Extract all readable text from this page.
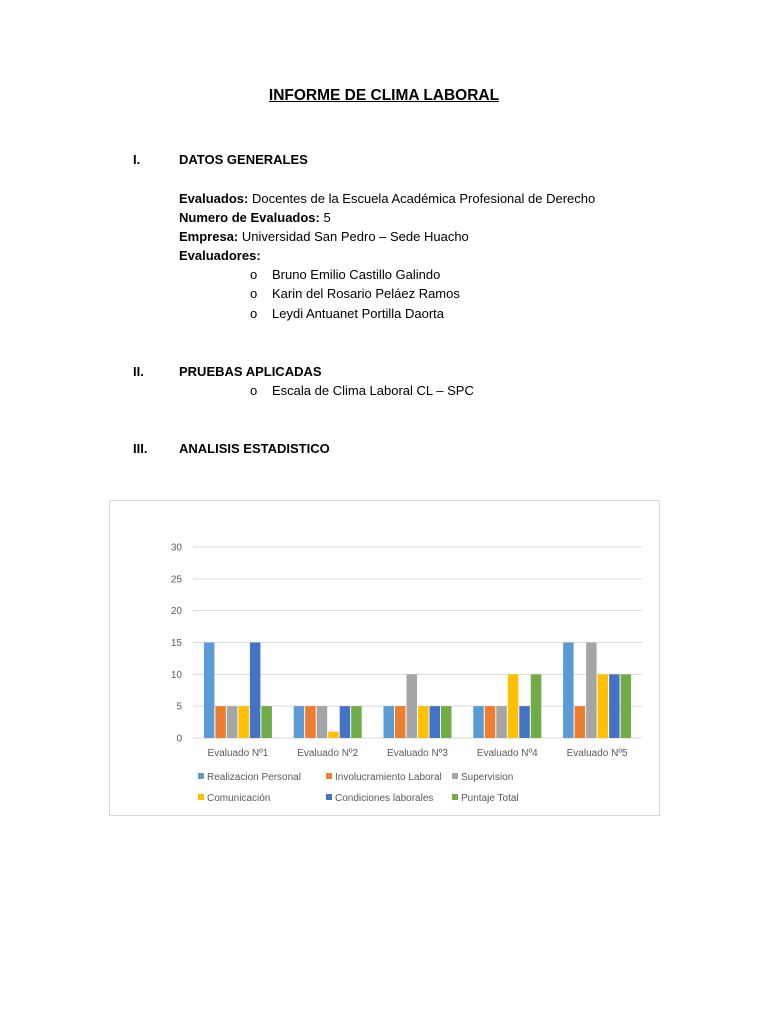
INFORME DE CLIMA LABORAL
I.	DATOS GENERALES
Evaluados: Docentes de la Escuela Académica Profesional de Derecho
Numero de Evaluados: 5
Empresa: Universidad San Pedro – Sede Huacho
Evaluadores:
o Bruno Emilio Castillo Galindo
o Karin del Rosario Peláez Ramos
o Leydi Antuanet Portilla Daorta
II.	PRUEBAS APLICADAS
o Escala de Clima Laboral CL – SPC
III. ANALISIS ESTADISTICO
0
5
10
15
20
25
30
Evaluado Nº1	Evaluado Nº2	Evaluado Nº3	Evaluado Nº4	Evaluado Nº5
Realizacion Personal	Involucramiento Laboral Supervision
Comunicación	Condiciones laborales	Puntaje Total
